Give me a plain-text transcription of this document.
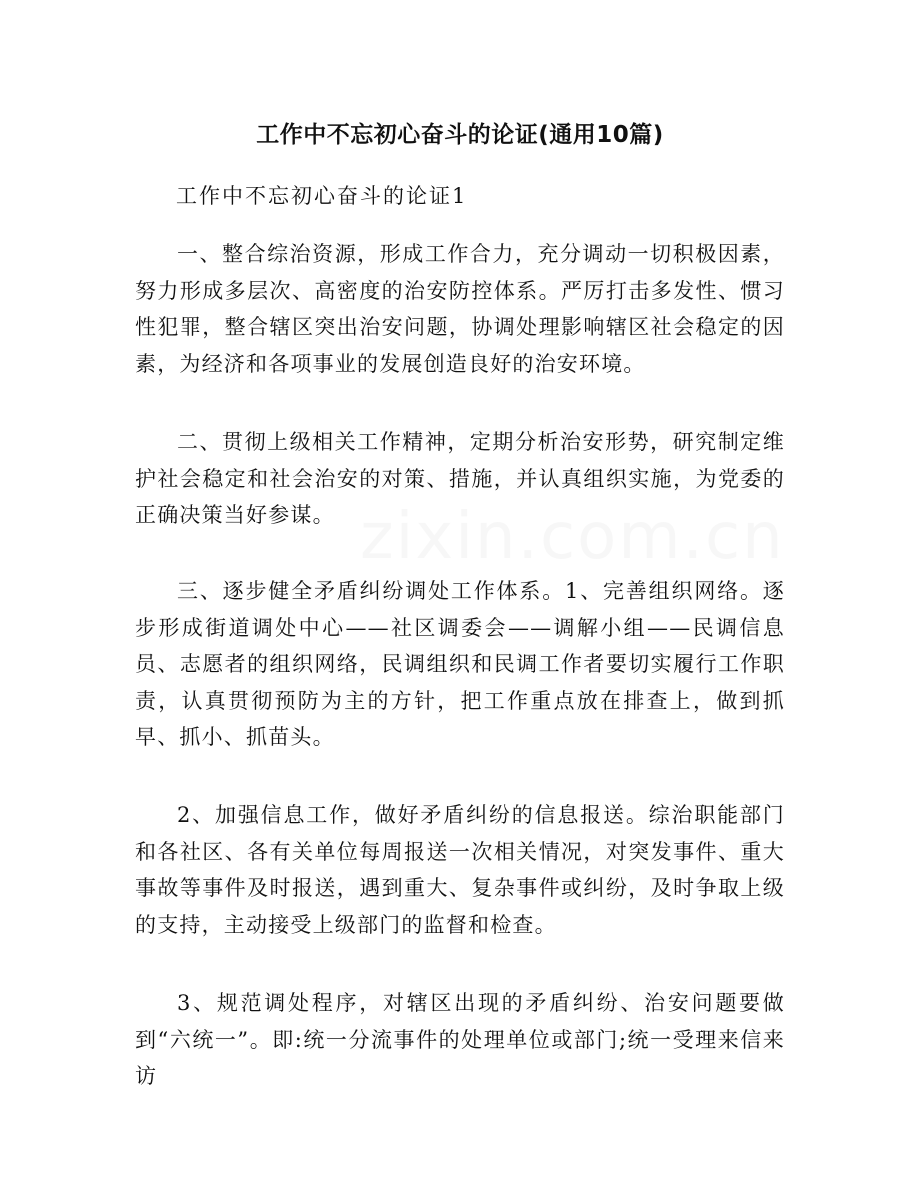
zixin.com.cn
工作中不忘初心奋斗的论证(通用10篇)
工作中不忘初心奋斗的论证1
一、整合综治资源，形成工作合力，充分调动一切积极因素，努力形成多层次、高密度的治安防控体系。严厉打击多发性、惯习性犯罪，整合辖区突出治安问题，协调处理影响辖区社会稳定的因素，为经济和各项事业的发展创造良好的治安环境。
二、贯彻上级相关工作精神，定期分析治安形势，研究制定维护社会稳定和社会治安的对策、措施，并认真组织实施，为党委的正确决策当好参谋。
三、逐步健全矛盾纠纷调处工作体系。1、完善组织网络。逐步形成街道调处中心——社区调委会——调解小组——民调信息员、志愿者的组织网络，民调组织和民调工作者要切实履行工作职责，认真贯彻预防为主的方针，把工作重点放在排查上，做到抓早、抓小、抓苗头。
2、加强信息工作，做好矛盾纠纷的信息报送。综治职能部门和各社区、各有关单位每周报送一次相关情况，对突发事件、重大事故等事件及时报送，遇到重大、复杂事件或纠纷，及时争取上级的支持，主动接受上级部门的监督和检查。
3、规范调处程序，对辖区出现的矛盾纠纷、治安问题要做到“六统一”。即:统一分流事件的处理单位或部门;统一受理来信来访
